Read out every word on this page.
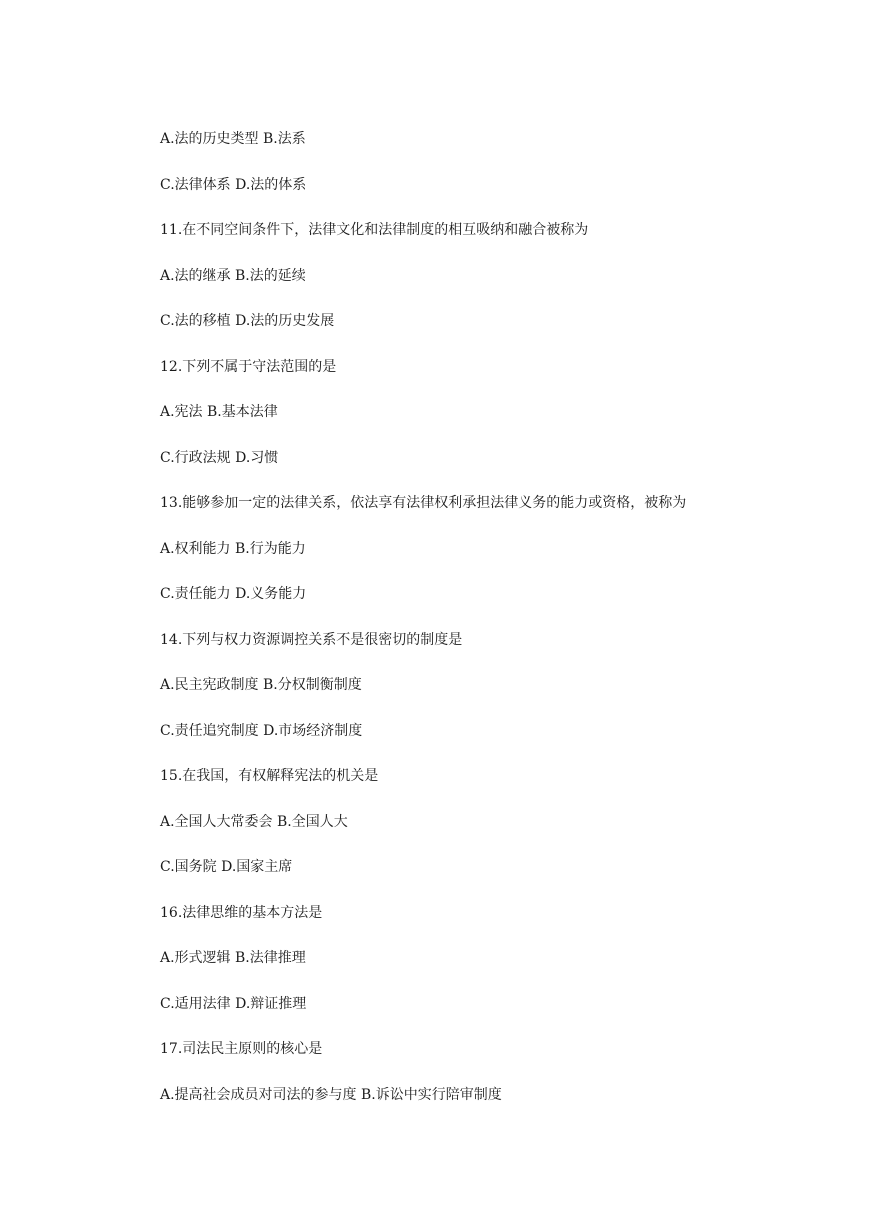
A.法的历史类型 B.法系
C.法律体系 D.法的体系
11.在不同空间条件下，法律文化和法律制度的相互吸纳和融合被称为
A.法的继承 B.法的延续
C.法的移植 D.法的历史发展
12.下列不属于守法范围的是
A.宪法 B.基本法律
C.行政法规 D.习惯
13.能够参加一定的法律关系，依法享有法律权利承担法律义务的能力或资格，被称为
A.权利能力 B.行为能力
C.责任能力 D.义务能力
14.下列与权力资源调控关系不是很密切的制度是
A.民主宪政制度 B.分权制衡制度
C.责任追究制度 D.市场经济制度
15.在我国，有权解释宪法的机关是
A.全国人大常委会 B.全国人大
C.国务院 D.国家主席
16.法律思维的基本方法是
A.形式逻辑 B.法律推理
C.适用法律 D.辩证推理
17.司法民主原则的核心是
A.提高社会成员对司法的参与度 B.诉讼中实行陪审制度
